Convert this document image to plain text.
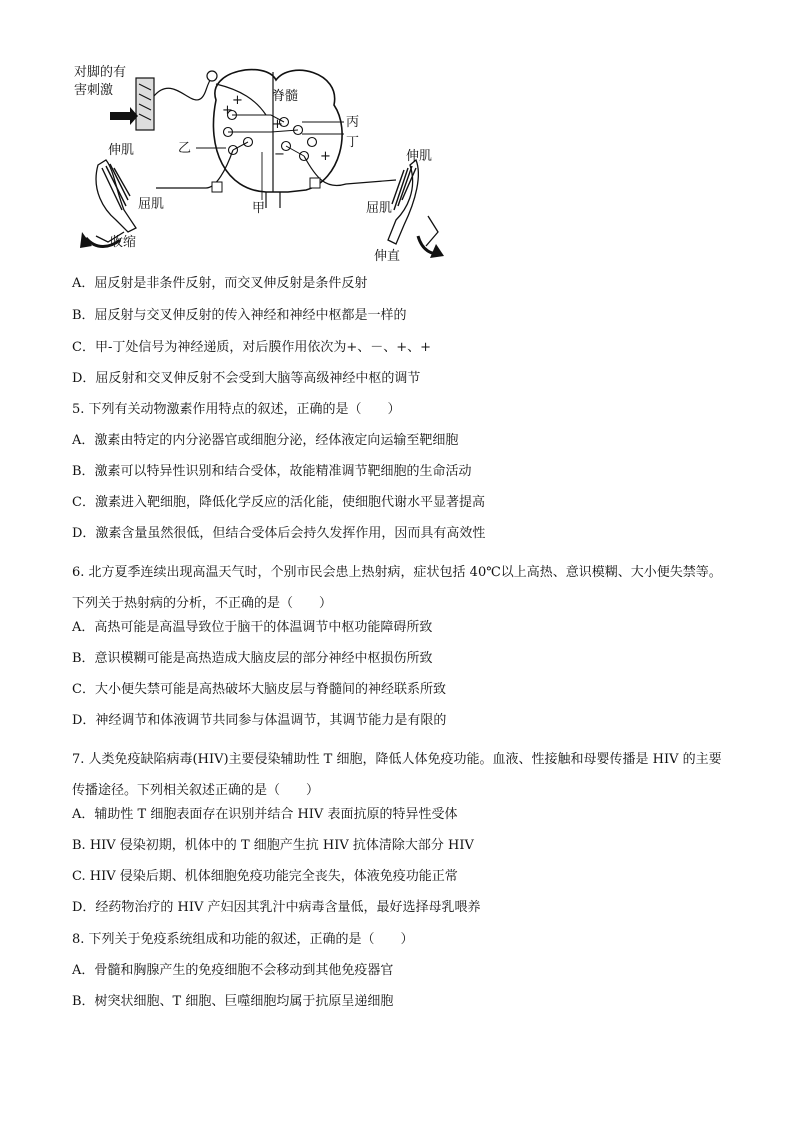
+
+
+
−	+
对脚的有
害刺激	脊髓
丙
丁
乙
甲
伸肌	伸肌
屈肌	屈肌
收缩
伸直
A．屈反射是非条件反射，而交叉伸反射是条件反射
B．屈反射与交叉伸反射的传入神经和神经中枢都是一样的
C．甲-丁处信号为神经递质，对后膜作用依次为+、－、+、+
D．屈反射和交叉伸反射不会受到大脑等高级神经中枢的调节
5. 下列有关动物激素作用特点的叙述，正确的是（　　）
A．激素由特定的内分泌器官或细胞分泌，经体液定向运输至靶细胞
B．激素可以特异性识别和结合受体，故能精准调节靶细胞的生命活动
C．激素进入靶细胞，降低化学反应的活化能，使细胞代谢水平显著提高
D．激素含量虽然很低，但结合受体后会持久发挥作用，因而具有高效性
6. 北方夏季连续出现高温天气时，个别市民会患上热射病，症状包括 40℃以上高热、意识模糊、大小便失禁等。下列关于热射病的分析，不正确的是（　　）
A．高热可能是高温导致位于脑干的体温调节中枢功能障碍所致
B．意识模糊可能是高热造成大脑皮层的部分神经中枢损伤所致
C．大小便失禁可能是高热破坏大脑皮层与脊髓间的神经联系所致
D．神经调节和体液调节共同参与体温调节，其调节能力是有限的
7. 人类免疫缺陷病毒(HIV)主要侵染辅助性 T 细胞，降低人体免疫功能。血液、性接触和母婴传播是 HIV 的主要传播途径。下列相关叙述正确的是（　　）
A．辅助性 T 细胞表面存在识别并结合 HIV 表面抗原的特异性受体
B. HIV 侵染初期，机体中的 T 细胞产生抗 HIV 抗体清除大部分 HIV
C. HIV 侵染后期、机体细胞免疫功能完全丧失，体液免疫功能正常
D．经药物治疗的 HIV 产妇因其乳汁中病毒含量低，最好选择母乳喂养
8. 下列关于免疫系统组成和功能的叙述，正确的是（　　）
A．骨髓和胸腺产生的免疫细胞不会移动到其他免疫器官
B．树突状细胞、T 细胞、巨噬细胞均属于抗原呈递细胞
